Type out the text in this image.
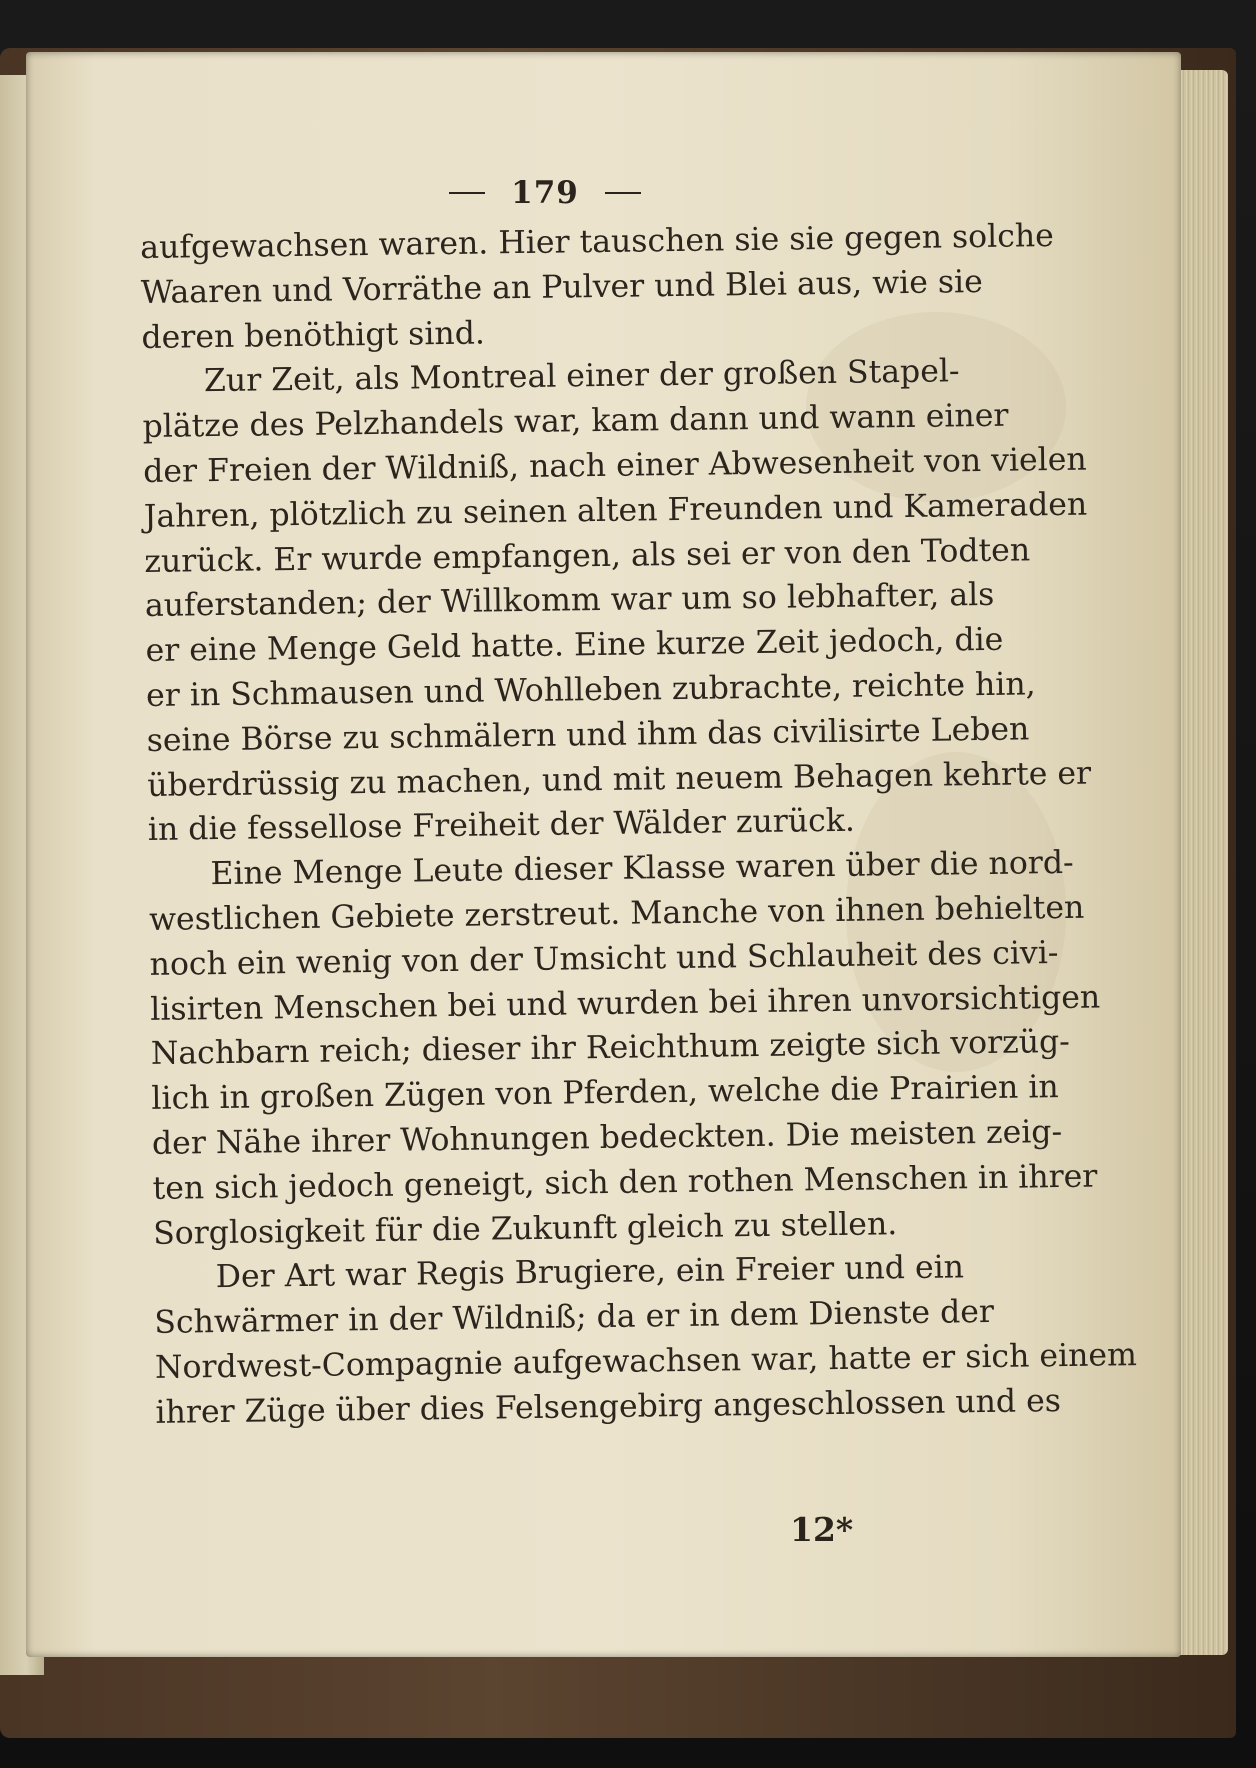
179
aufgewachsen waren. Hier tauschen sie sie gegen solche
Waaren und Vorräthe an Pulver und Blei aus, wie sie
deren benöthigt sind.
Zur Zeit, als Montreal einer der großen Stapel-
plätze des Pelzhandels war, kam dann und wann einer
der Freien der Wildniß, nach einer Abwesenheit von vielen
Jahren, plötzlich zu seinen alten Freunden und Kameraden
zurück. Er wurde empfangen, als sei er von den Todten
auferstanden; der Willkomm war um so lebhafter, als
er eine Menge Geld hatte. Eine kurze Zeit jedoch, die
er in Schmausen und Wohlleben zubrachte, reichte hin,
seine Börse zu schmälern und ihm das civilisirte Leben
überdrüssig zu machen, und mit neuem Behagen kehrte er
in die fessellose Freiheit der Wälder zurück.
Eine Menge Leute dieser Klasse waren über die nord-
westlichen Gebiete zerstreut. Manche von ihnen behielten
noch ein wenig von der Umsicht und Schlauheit des civi-
lisirten Menschen bei und wurden bei ihren unvorsichtigen
Nachbarn reich; dieser ihr Reichthum zeigte sich vorzüg-
lich in großen Zügen von Pferden, welche die Prairien in
der Nähe ihrer Wohnungen bedeckten. Die meisten zeig-
ten sich jedoch geneigt, sich den rothen Menschen in ihrer
Sorglosigkeit für die Zukunft gleich zu stellen.
Der Art war Regis Brugiere, ein Freier und ein
Schwärmer in der Wildniß; da er in dem Dienste der
Nordwest-Compagnie aufgewachsen war, hatte er sich einem
ihrer Züge über dies Felsengebirg angeschlossen und es
12*
